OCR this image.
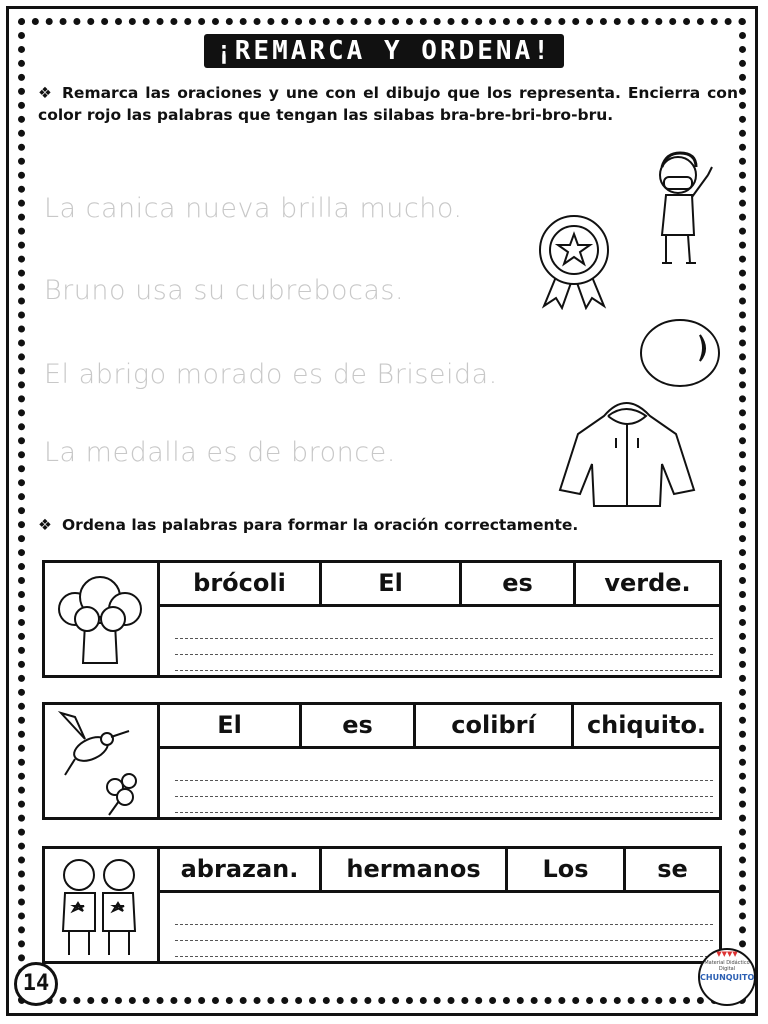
¡REMARCA Y ORDENA!
❖ Remarca las oraciones y une con el dibujo que los representa. Encierra con color rojo las palabras que tengan las silabas bra-bre-bri-bro-bru.
La canica nueva brilla mucho.
Bruno usa su cubrebocas.
El abrigo morado es de Briseida.
La medalla es de bronce.
❖ Ordena las palabras para formar la oración correctamente.
brócoli	El	es	verde.
El	es	colibrí	chiquito.
abrazan.	hermanos	Los	se
14
▼▼▼▼
Material Didáctico Digital
CHUNQUITO
